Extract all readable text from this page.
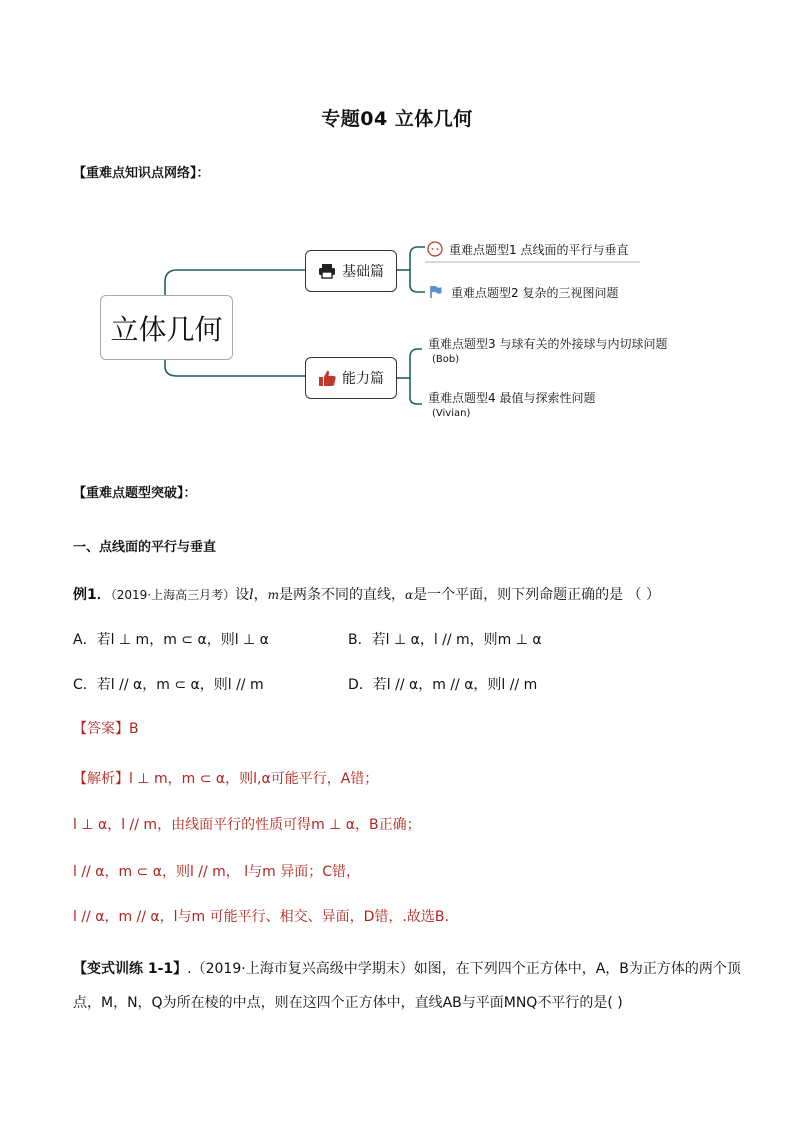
专题04 立体几何
【重难点知识点网络】：
立体几何
基础篇
能力篇
重难点题型1 点线面的平行与垂直
重难点题型2 复杂的三视图问题
重难点题型3 与球有关的外接球与内切球问题
(Bob)
重难点题型4 最值与探索性问题
(Vivian)
【重难点题型突破】：
一、点线面的平行与垂直
例1．（2019·上海高三月考）设l，m是两条不同的直线，α是一个平面，则下列命题正确的是 （ ）
A．若l ⊥ m，m ⊂ α，则l ⊥ α	B．若l ⊥ α，l // m，则m ⊥ α
C．若l // α，m ⊂ α，则l // m	D．若l // α，m // α，则l // m
【答案】B
【解析】l ⊥ m，m ⊂ α，则l,α可能平行，A错；
l ⊥ α，l // m，由线面平行的性质可得m ⊥ α，B正确；
l // α，m ⊂ α，则l // m， l与m 异面；C错，
l // α，m // α，l与m 可能平行、相交、异面，D错，.故选B.
【变式训练 1-1】.（2019·上海市复兴高级中学期末）如图，在下列四个正方体中，A，B为正方体的两个顶
点，M，N，Q为所在棱的中点，则在这四个正方体中，直线AB与平面MNQ不平行的是( )
